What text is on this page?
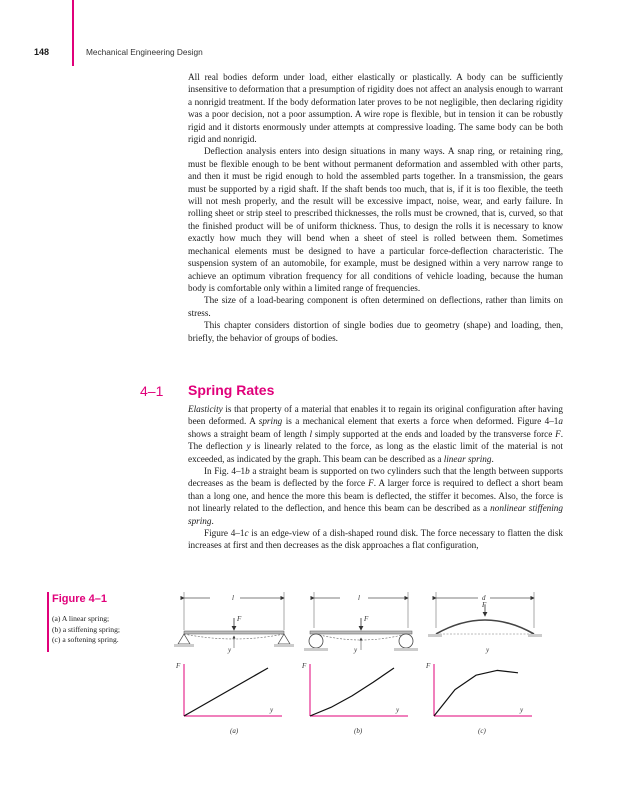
148	Mechanical Engineering Design

All real bodies deform under load, either elastically or plastically. A body can be sufficiently insensitive to deformation that a presumption of rigidity does not affect an analysis enough to warrant a nonrigid treatment. If the body deformation later proves to be not negligible, then declaring rigidity was a poor decision, not a poor assumption. A wire rope is flexible, but in tension it can be robustly rigid and it distorts enormously under attempts at compressive loading. The same body can be both rigid and nonrigid.

Deflection analysis enters into design situations in many ways. A snap ring, or retaining ring, must be flexible enough to be bent without permanent deformation and assembled with other parts, and then it must be rigid enough to hold the assembled parts together. In a transmission, the gears must be supported by a rigid shaft. If the shaft bends too much, that is, if it is too flexible, the teeth will not mesh properly, and the result will be excessive impact, noise, wear, and early failure. In rolling sheet or strip steel to prescribed thicknesses, the rolls must be crowned, that is, curved, so that the finished product will be of uniform thickness. Thus, to design the rolls it is necessary to know exactly how much they will bend when a sheet of steel is rolled between them. Sometimes mechanical elements must be designed to have a particular force-deflection characteristic. The suspension system of an automobile, for example, must be designed within a very narrow range to achieve an optimum vibration frequency for all conditions of vehicle loading, because the human body is comfortable only within a limited range of frequencies.

The size of a load-bearing component is often determined on deflections, rather than limits on stress.

This chapter considers distortion of single bodies due to geometry (shape) and loading, then, briefly, the behavior of groups of bodies.

4–1 Spring Rates

Elasticity is that property of a material that enables it to regain its original configuration after having been deformed. A spring is a mechanical element that exerts a force when deformed. Figure 4–1a shows a straight beam of length l simply supported at the ends and loaded by the transverse force F. The deflection y is linearly related to the force, as long as the elastic limit of the material is not exceeded, as indicated by the graph. This beam can be described as a linear spring.

In Fig. 4–1b a straight beam is supported on two cylinders such that the length between supports decreases as the beam is deflected by the force F. A larger force is required to deflect a short beam than a long one, and hence the more this beam is deflected, the stiffer it becomes. Also, the force is not linearly related to the deflection, and hence this beam can be described as a nonlinear stiffening spring.

Figure 4–1c is an edge-view of a dish-shaped round disk. The force necessary to flatten the disk increases at first and then decreases as the disk approaches a flat configuration,

Figure 4–1
(a) A linear spring;
(b) a stiffening spring;
(c) a softening spring.
l
F
y
l
F
y
d
F
y
F
y
F
y
F
y
(a)	(b)	(c)
